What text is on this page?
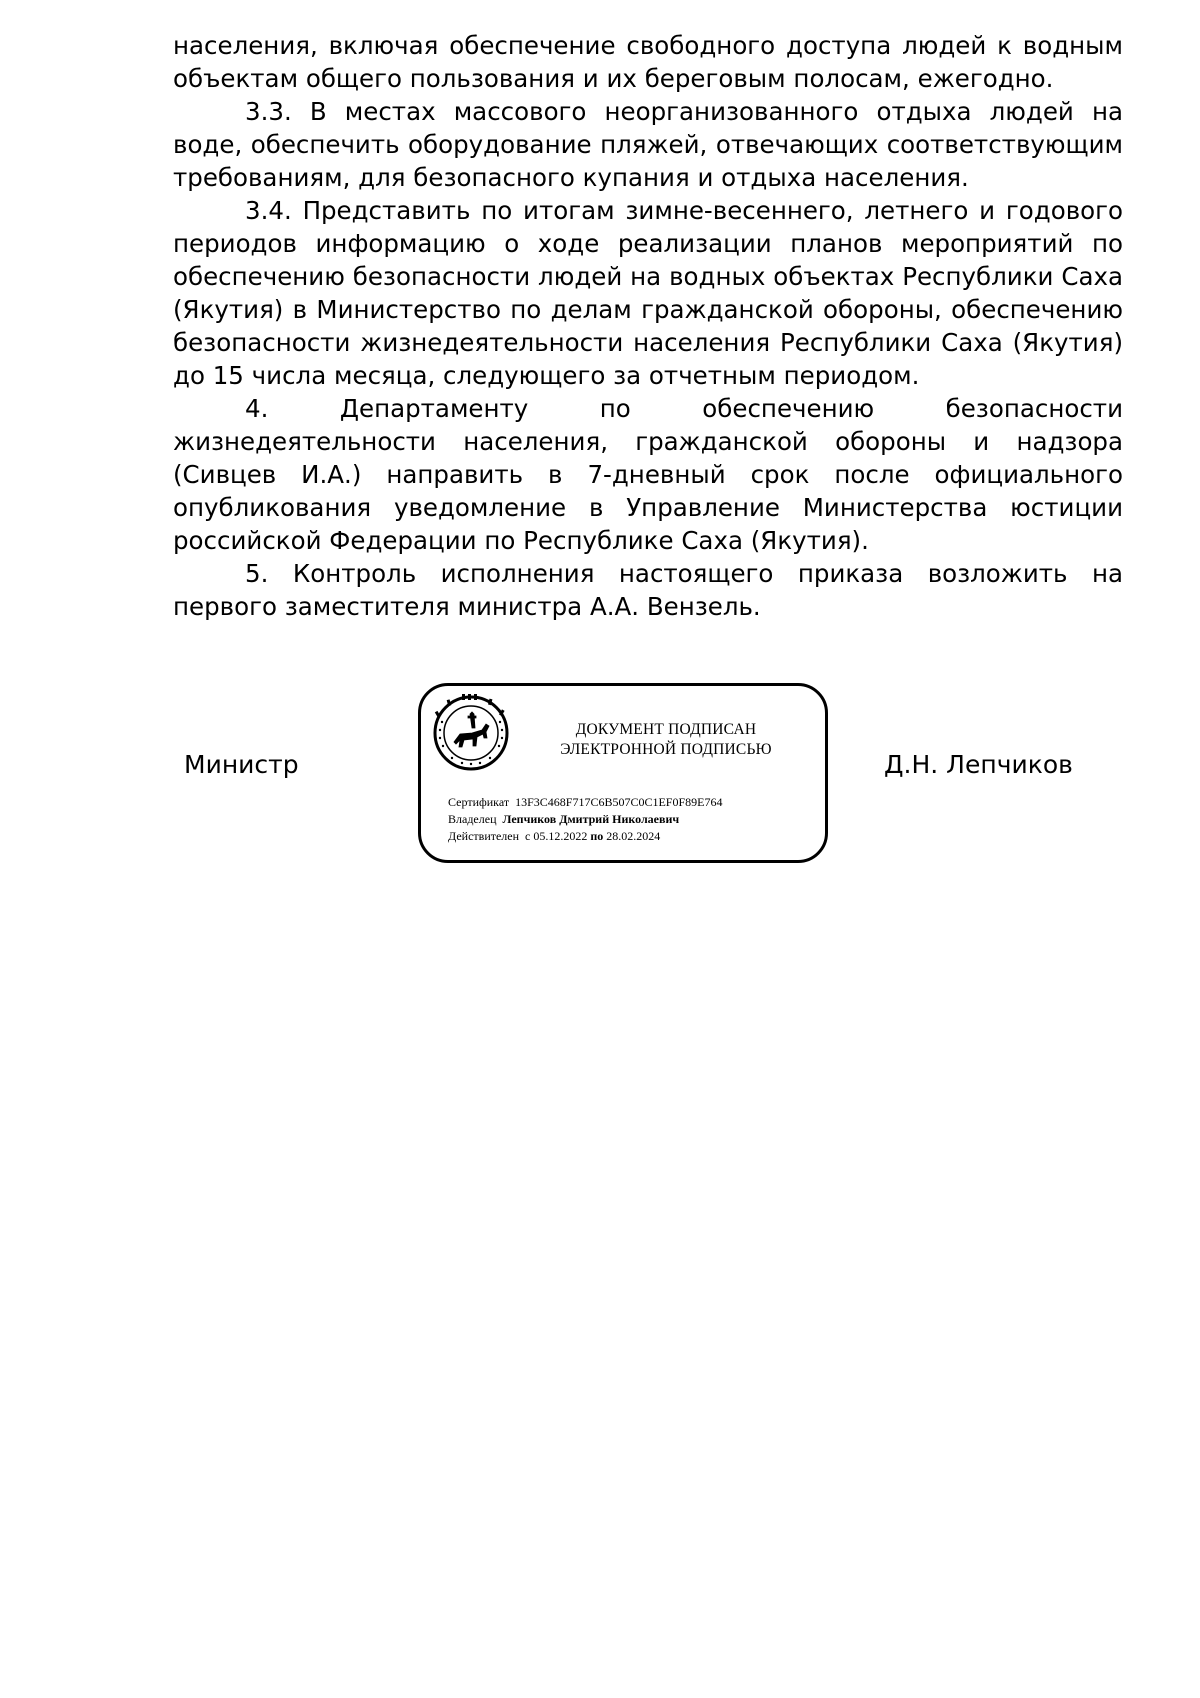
населения, включая обеспечение свободного доступа людей к водным объектам общего пользования и их береговым полосам, ежегодно.

3.3. В местах массового неорганизованного отдыха людей на воде, обеспечить оборудование пляжей, отвечающих соответствующим требованиям, для безопасного купания и отдыха населения.

3.4. Представить по итогам зимне-весеннего, летнего и годового периодов информацию о ходе реализации планов мероприятий по обеспечению безопасности людей на водных объектах Республики Саха (Якутия) в Министерство по делам гражданской обороны, обеспечению безопасности жизнедеятельности населения Республики Саха (Якутия) до 15 числа месяца, следующего за отчетным периодом.

4. Департаменту по обеспечению безопасности жизнедеятельности населения, гражданской обороны и надзора (Сивцев И.А.) направить в 7-дневный срок после официального опубликования уведомление в Управление Министерства юстиции российской Федерации по Республике Саха (Якутия).

5. Контроль исполнения настоящего приказа возложить на первого заместителя министра А.А. Вензель.

Министр
ДОКУМЕНТ ПОДПИСАН
ЭЛЕКТРОННОЙ ПОДПИСЬЮ
Сертификат 13F3C468F717C6B507C0C1EF0F89E764
Владелец Лепчиков Дмитрий Николаевич
Действителен с 05.12.2022 по 28.02.2024
Д.Н. Лепчиков
